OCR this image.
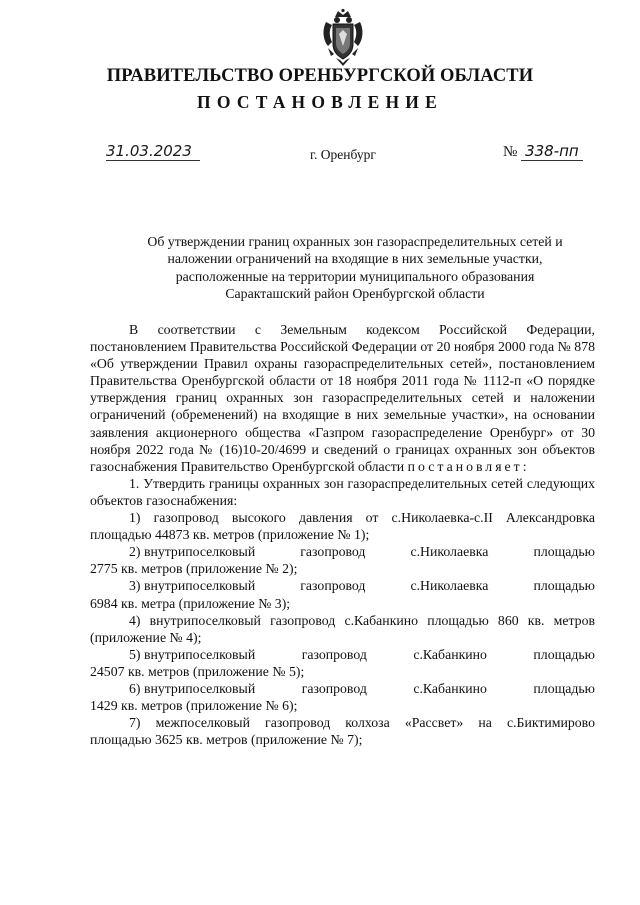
ПРАВИТЕЛЬСТВО ОРЕНБУРГСКОЙ ОБЛАСТИ
ПОСТАНОВЛЕНИЕ
31.03.2023	г. Оренбург	№ 338-пп
Об утверждении границ охранных зон газораспределительных сетей и
наложении ограничений на входящие в них земельные участки,
расположенные на территории муниципального образования
Саракташский район Оренбургской области

В соответствии с Земельным кодексом Российской Федерации, постановлением Правительства Российской Федерации от 20 ноября 2000 года № 878 «Об утверждении Правил охраны газораспределительных сетей», постановлением Правительства Оренбургской области от 18 ноября 2011 года № 1112-п «О порядке утверждения границ охранных зон газораспределительных сетей и наложении ограничений (обременений) на входящие в них земельные участки», на основании заявления акционерного общества «Газпром газораспределение Оренбург» от 30 ноября 2022 года № (16)10-20/4699 и сведений о границах охранных зон объектов газоснабжения Правительство Оренбургской области постановляет:

1. Утвердить границы охранных зон газораспределительных сетей следующих объектов газоснабжения:

1) газопровод высокого давления от с.Николаевка-с.II Александровка
площадью 44873 кв. метров (приложение № 1);

2) внутрипоселковый	газопровод	с.Николаевка	площадью
2775 кв. метров (приложение № 2);
3) внутрипоселковый	газопровод	с.Николаевка	площадью
6984 кв. метра (приложение № 3);
4) внутрипоселковый газопровод с.Кабанкино площадью 860 кв. метров
(приложение № 4);
5) внутрипоселковый	газопровод	с.Кабанкино	площадью
24507 кв. метров (приложение № 5);
6) внутрипоселковый	газопровод	с.Кабанкино	площадью
1429 кв. метров (приложение № 6);
7) межпоселковый газопровод колхоза «Рассвет» на с.Биктимирово
площадью 3625 кв. метров (приложение № 7);
